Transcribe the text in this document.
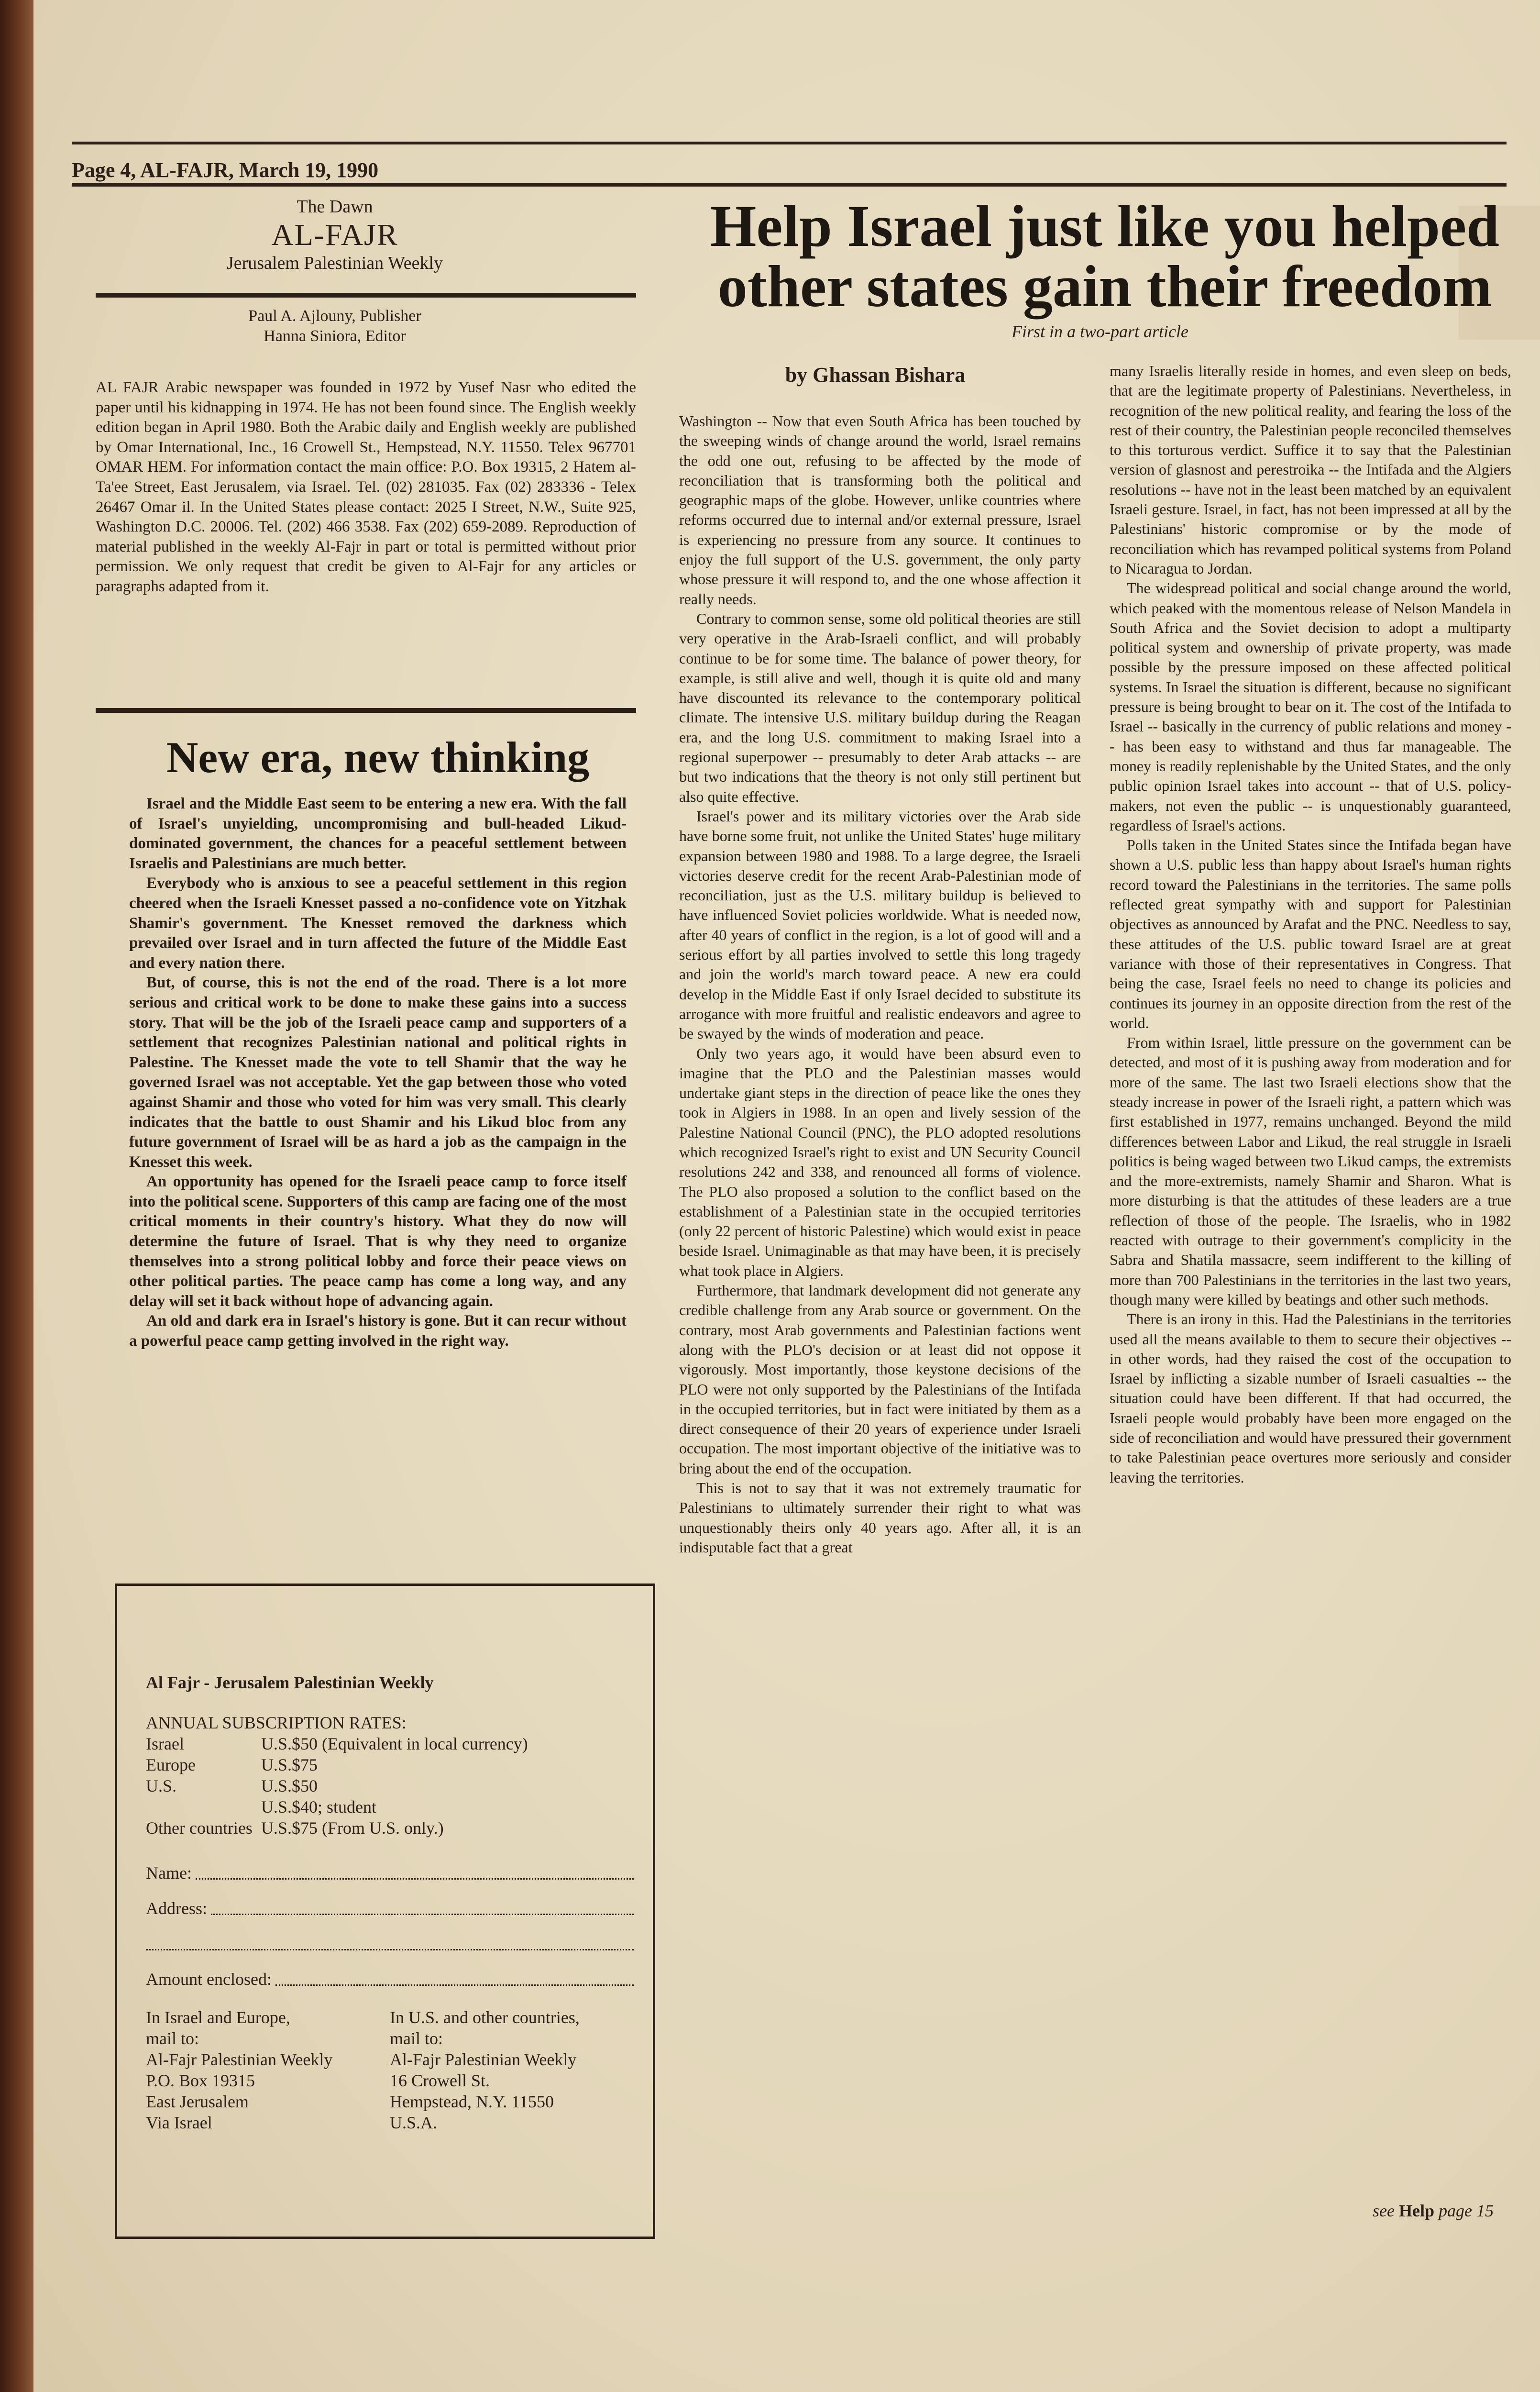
Page 4, AL-FAJR, March 19, 1990
The Dawn
AL-FAJR
Jerusalem Palestinian Weekly
Paul A. Ajlouny, Publisher
Hanna Siniora, Editor
AL FAJR Arabic newspaper was founded in 1972 by Yusef Nasr who edited the paper until his kidnapping in 1974. He has not been found since. The English weekly edition began in April 1980. Both the Arabic daily and English weekly are published by Omar International, Inc., 16 Crowell St., Hempstead, N.Y. 11550. Telex 967701 OMAR HEM. For information contact the main office: P.O. Box 19315, 2 Hatem al-Ta'ee Street, East Jerusalem, via Israel. Tel. (02) 281035. Fax (02) 283336 - Telex 26467 Omar il. In the United States please contact: 2025 I Street, N.W., Suite 925, Washington D.C. 20006. Tel. (202) 466 3538. Fax (202) 659-2089. Reproduction of material published in the weekly Al-Fajr in part or total is permitted without prior permission. We only request that credit be given to Al-Fajr for any articles or paragraphs adapted from it.
New era, new thinking

Israel and the Middle East seem to be entering a new era. With the fall of Israel's unyielding, uncompromising and bull-headed Likud-dominated government, the chances for a peaceful settlement between Israelis and Palestinians are much better.

Everybody who is anxious to see a peaceful settlement in this region cheered when the Israeli Knesset passed a no-confidence vote on Yitzhak Shamir's government. The Knesset removed the darkness which prevailed over Israel and in turn affected the future of the Middle East and every nation there.

But, of course, this is not the end of the road. There is a lot more serious and critical work to be done to make these gains into a success story. That will be the job of the Israeli peace camp and supporters of a settlement that recognizes Palestinian national and political rights in Palestine. The Knesset made the vote to tell Shamir that the way he governed Israel was not acceptable. Yet the gap between those who voted against Shamir and those who voted for him was very small. This clearly indicates that the battle to oust Shamir and his Likud bloc from any future government of Israel will be as hard a job as the campaign in the Knesset this week.

An opportunity has opened for the Israeli peace camp to force itself into the political scene. Supporters of this camp are facing one of the most critical moments in their country's history. What they do now will determine the future of Israel. That is why they need to organize themselves into a strong political lobby and force their peace views on other political parties. The peace camp has come a long way, and any delay will set it back without hope of advancing again.

An old and dark era in Israel's history is gone. But it can recur without a powerful peace camp getting involved in the right way.

Al Fajr - Jerusalem Palestinian Weekly
ANNUAL SUBSCRIPTION RATES:
Israel	U.S.$50 (Equivalent in local currency)
Europe	U.S.$75
U.S.	U.S.$50
	U.S.$40; student
Other countries	U.S.$75 (From U.S. only.)
Name:
Address:
Amount enclosed:
In Israel and Europe,
mail to:
Al-Fajr Palestinian Weekly
P.O. Box 19315
East Jerusalem
Via Israel
In U.S. and other countries,
mail to:
Al-Fajr Palestinian Weekly
16 Crowell St.
Hempstead, N.Y. 11550
U.S.A.
Help Israel just like you helped other states gain their freedom
First in a two-part article
by Ghassan Bishara

Washington -- Now that even South Africa has been touched by the sweeping winds of change around the world, Israel remains the odd one out, refusing to be affected by the mode of reconciliation that is transforming both the political and geographic maps of the globe. However, unlike countries where reforms occurred due to internal and/or external pressure, Israel is experiencing no pressure from any source. It continues to enjoy the full support of the U.S. government, the only party whose pressure it will respond to, and the one whose affection it really needs.

Contrary to common sense, some old political theories are still very operative in the Arab-Israeli conflict, and will probably continue to be for some time. The balance of power theory, for example, is still alive and well, though it is quite old and many have discounted its relevance to the contemporary political climate. The intensive U.S. military buildup during the Reagan era, and the long U.S. commitment to making Israel into a regional superpower -- presumably to deter Arab attacks -- are but two indications that the theory is not only still pertinent but also quite effective.

Israel's power and its military victories over the Arab side have borne some fruit, not unlike the United States' huge military expansion between 1980 and 1988. To a large degree, the Israeli victories deserve credit for the recent Arab-Palestinian mode of reconciliation, just as the U.S. military buildup is believed to have influenced Soviet policies worldwide. What is needed now, after 40 years of conflict in the region, is a lot of good will and a serious effort by all parties involved to settle this long tragedy and join the world's march toward peace. A new era could develop in the Middle East if only Israel decided to substitute its arrogance with more fruitful and realistic endeavors and agree to be swayed by the winds of moderation and peace.

Only two years ago, it would have been absurd even to imagine that the PLO and the Palestinian masses would undertake giant steps in the direction of peace like the ones they took in Algiers in 1988. In an open and lively session of the Palestine National Council (PNC), the PLO adopted resolutions which recognized Israel's right to exist and UN Security Council resolutions 242 and 338, and renounced all forms of violence. The PLO also proposed a solution to the conflict based on the establishment of a Palestinian state in the occupied territories (only 22 percent of historic Palestine) which would exist in peace beside Israel. Unimaginable as that may have been, it is precisely what took place in Algiers.

Furthermore, that landmark development did not generate any credible challenge from any Arab source or government. On the contrary, most Arab governments and Palestinian factions went along with the PLO's decision or at least did not oppose it vigorously. Most importantly, those keystone decisions of the PLO were not only supported by the Palestinians of the Intifada in the occupied territories, but in fact were initiated by them as a direct consequence of their 20 years of experience under Israeli occupation. The most important objective of the initiative was to bring about the end of the occupation.

This is not to say that it was not extremely traumatic for Palestinians to ultimately surrender their right to what was unquestionably theirs only 40 years ago. After all, it is an indisputable fact that a great

many Israelis literally reside in homes, and even sleep on beds, that are the legitimate property of Palestinians. Nevertheless, in recognition of the new political reality, and fearing the loss of the rest of their country, the Palestinian people reconciled themselves to this torturous verdict. Suffice it to say that the Palestinian version of glasnost and perestroika -- the Intifada and the Algiers resolutions -- have not in the least been matched by an equivalent Israeli gesture. Israel, in fact, has not been impressed at all by the Palestinians' historic compromise or by the mode of reconciliation which has revamped political systems from Poland to Nicaragua to Jordan.

The widespread political and social change around the world, which peaked with the momentous release of Nelson Mandela in South Africa and the Soviet decision to adopt a multiparty political system and ownership of private property, was made possible by the pressure imposed on these affected political systems. In Israel the situation is different, because no significant pressure is being brought to bear on it. The cost of the Intifada to Israel -- basically in the currency of public relations and money -- has been easy to withstand and thus far manageable. The money is readily replenishable by the United States, and the only public opinion Israel takes into account -- that of U.S. policy-makers, not even the public -- is unquestionably guaranteed, regardless of Israel's actions.

Polls taken in the United States since the Intifada began have shown a U.S. public less than happy about Israel's human rights record toward the Palestinians in the territories. The same polls reflected great sympathy with and support for Palestinian objectives as announced by Arafat and the PNC. Needless to say, these attitudes of the U.S. public toward Israel are at great variance with those of their representatives in Congress. That being the case, Israel feels no need to change its policies and continues its journey in an opposite direction from the rest of the world.

From within Israel, little pressure on the government can be detected, and most of it is pushing away from moderation and for more of the same. The last two Israeli elections show that the steady increase in power of the Israeli right, a pattern which was first established in 1977, remains unchanged. Beyond the mild differences between Labor and Likud, the real struggle in Israeli politics is being waged between two Likud camps, the extremists and the more-extremists, namely Shamir and Sharon. What is more disturbing is that the attitudes of these leaders are a true reflection of those of the people. The Israelis, who in 1982 reacted with outrage to their government's complicity in the Sabra and Shatila massacre, seem indifferent to the killing of more than 700 Palestinians in the territories in the last two years, though many were killed by beatings and other such methods.

There is an irony in this. Had the Palestinians in the territories used all the means available to them to secure their objectives -- in other words, had they raised the cost of the occupation to Israel by inflicting a sizable number of Israeli casualties -- the situation could have been different. If that had occurred, the Israeli people would probably have been more engaged on the side of reconciliation and would have pressured their government to take Palestinian peace overtures more seriously and consider leaving the territories.

see Help page 15
